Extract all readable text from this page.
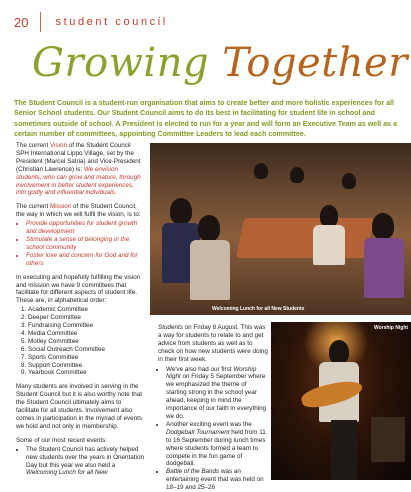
20 student council
Growing Together
The Student Council is a student-run organisation that aims to create better and more holistic experiences for all Senior School students. Our Student Council aims to do its best in facilitating for student life in school and sometimes outside of school. A President is elected to run for a year and will form an Executive Team as well as a certain number of committees, appointing Committee Leaders to lead each committee.

The current Vision of the Student Council SPH International Lippo Village, set by the President (Marcel Satria) and Vice-President (Christian Lawrence) is: We envision students, who can grow and mature, through involvement in better student experiences, into godly and influential individuals.

The current Mission of the Student Council, the way in which we will fulfil the vision, is to:

• Provide opportunities for student growth and development
• Stimulate a sense of belonging in the school community
• Foster love and concern for God and for others

In executing and hopefully fulfilling the vision and mission we have 9 committees that facilitate for different aspects of student life. These are, in alphabetical order:

1. Academic Committee
2. Deeper Committee
3. Fundraising Committee
4. Media Committee
5. Motley Committee
6. Social Outreach Committee
7. Sports Committee
8. Support Committee
9. Yearbook Committee

Many students are involved in serving in the Student Council but it is also worthy note that the Student Council ultimately aims to facilitate for all students. Involvement also comes in participation in the myriad of events we hold and not only in membership.

Some of our most recent events:

• The Student Council has actively helped new students over the years in Orientation Day but this year we also held a Welcoming Lunch for all New
Welcoming Lunch for all New Students
Worship Night

Students on Friday 8 August. This was a way for students to relate to and get advice from students as well as to check on how new students were doing in their first week.

• We've also had our first Worship Night on Friday 5 September where we emphasized the theme of starting strong in the school year ahead, keeping in mind the importance of our faith in everything we do.
• Another exciting event was the Dodgeball Tournament held from 11 to 16 September during lunch times where students formed a team to compete in the fun game of dodgeball.
• Battle of the Bands was an entertaining event that was held on 18–19 and 25–26
